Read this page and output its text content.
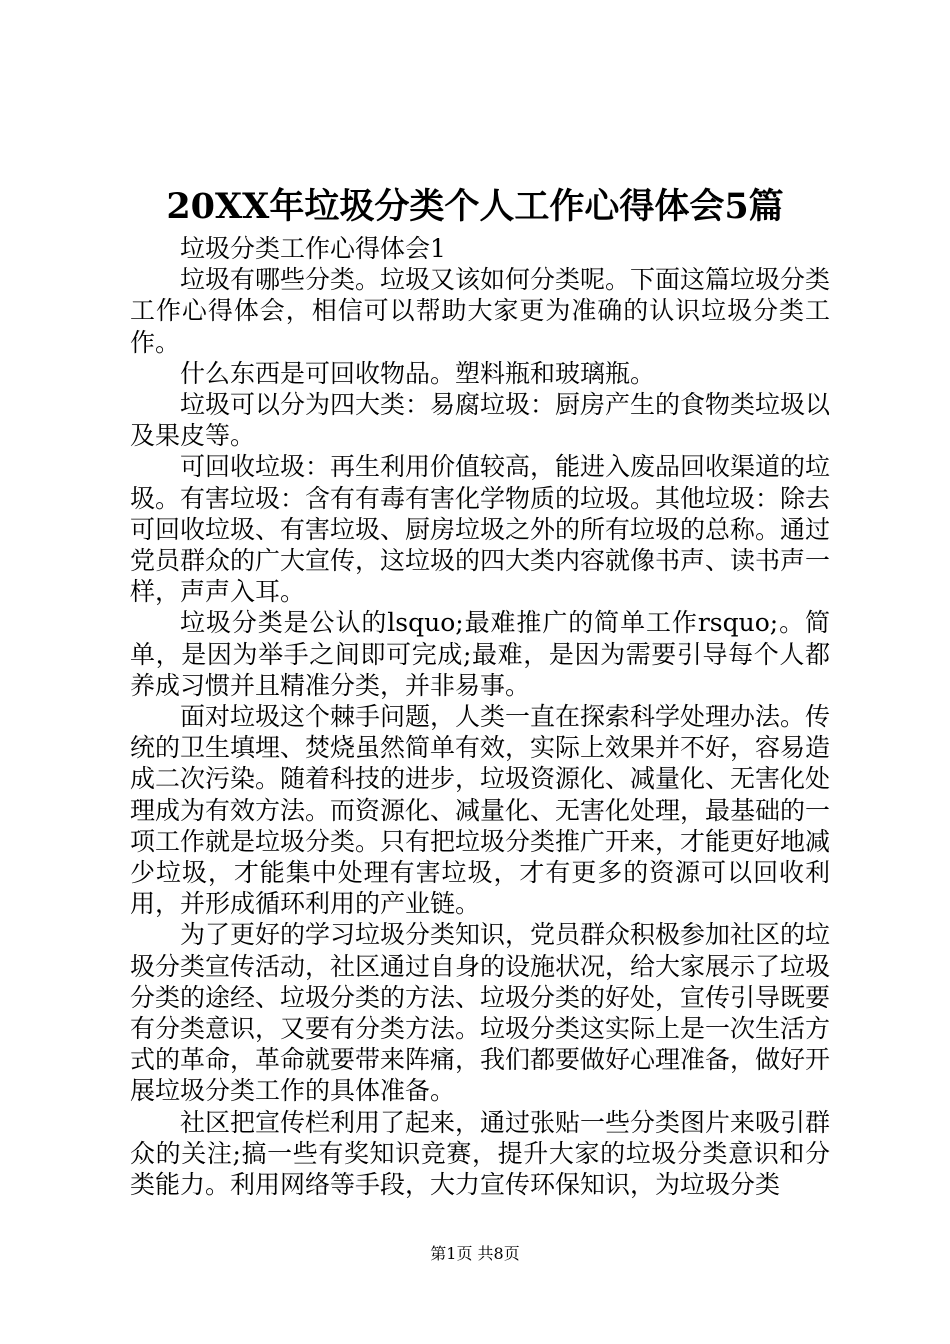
20XX年垃圾分类个人工作心得体会5篇

垃圾分类工作心得体会1

垃圾有哪些分类。垃圾又该如何分类呢。下面这篇垃圾分类工作心得体会，相信可以帮助大家更为准确的认识垃圾分类工作。

什么东西是可回收物品。塑料瓶和玻璃瓶。

垃圾可以分为四大类：易腐垃圾：厨房产生的食物类垃圾以及果皮等。

可回收垃圾：再生利用价值较高，能进入废品回收渠道的垃圾。有害垃圾：含有有毒有害化学物质的垃圾。其他垃圾：除去可回收垃圾、有害垃圾、厨房垃圾之外的所有垃圾的总称。通过党员群众的广大宣传，这垃圾的四大类内容就像书声、读书声一样，声声入耳。

垃圾分类是公认的lsquo;最难推广的简单工作rsquo;。简单，是因为举手之间即可完成;最难，是因为需要引导每个人都养成习惯并且精准分类，并非易事。

面对垃圾这个棘手问题，人类一直在探索科学处理办法。传统的卫生填埋、焚烧虽然简单有效，实际上效果并不好，容易造成二次污染。随着科技的进步，垃圾资源化、减量化、无害化处理成为有效方法。而资源化、减量化、无害化处理，最基础的一项工作就是垃圾分类。只有把垃圾分类推广开来，才能更好地减少垃圾，才能集中处理有害垃圾，才有更多的资源可以回收利用，并形成循环利用的产业链。

为了更好的学习垃圾分类知识，党员群众积极参加社区的垃圾分类宣传活动，社区通过自身的设施状况，给大家展示了垃圾分类的途经、垃圾分类的方法、垃圾分类的好处，宣传引导既要有分类意识，又要有分类方法。垃圾分类这实际上是一次生活方式的革命，革命就要带来阵痛，我们都要做好心理准备，做好开展垃圾分类工作的具体准备。

社区把宣传栏利用了起来，通过张贴一些分类图片来吸引群众的关注;搞一些有奖知识竞赛，提升大家的垃圾分类意识和分类能力。利用网络等手段，大力宣传环保知识，为垃圾分类

第1页 共8页
